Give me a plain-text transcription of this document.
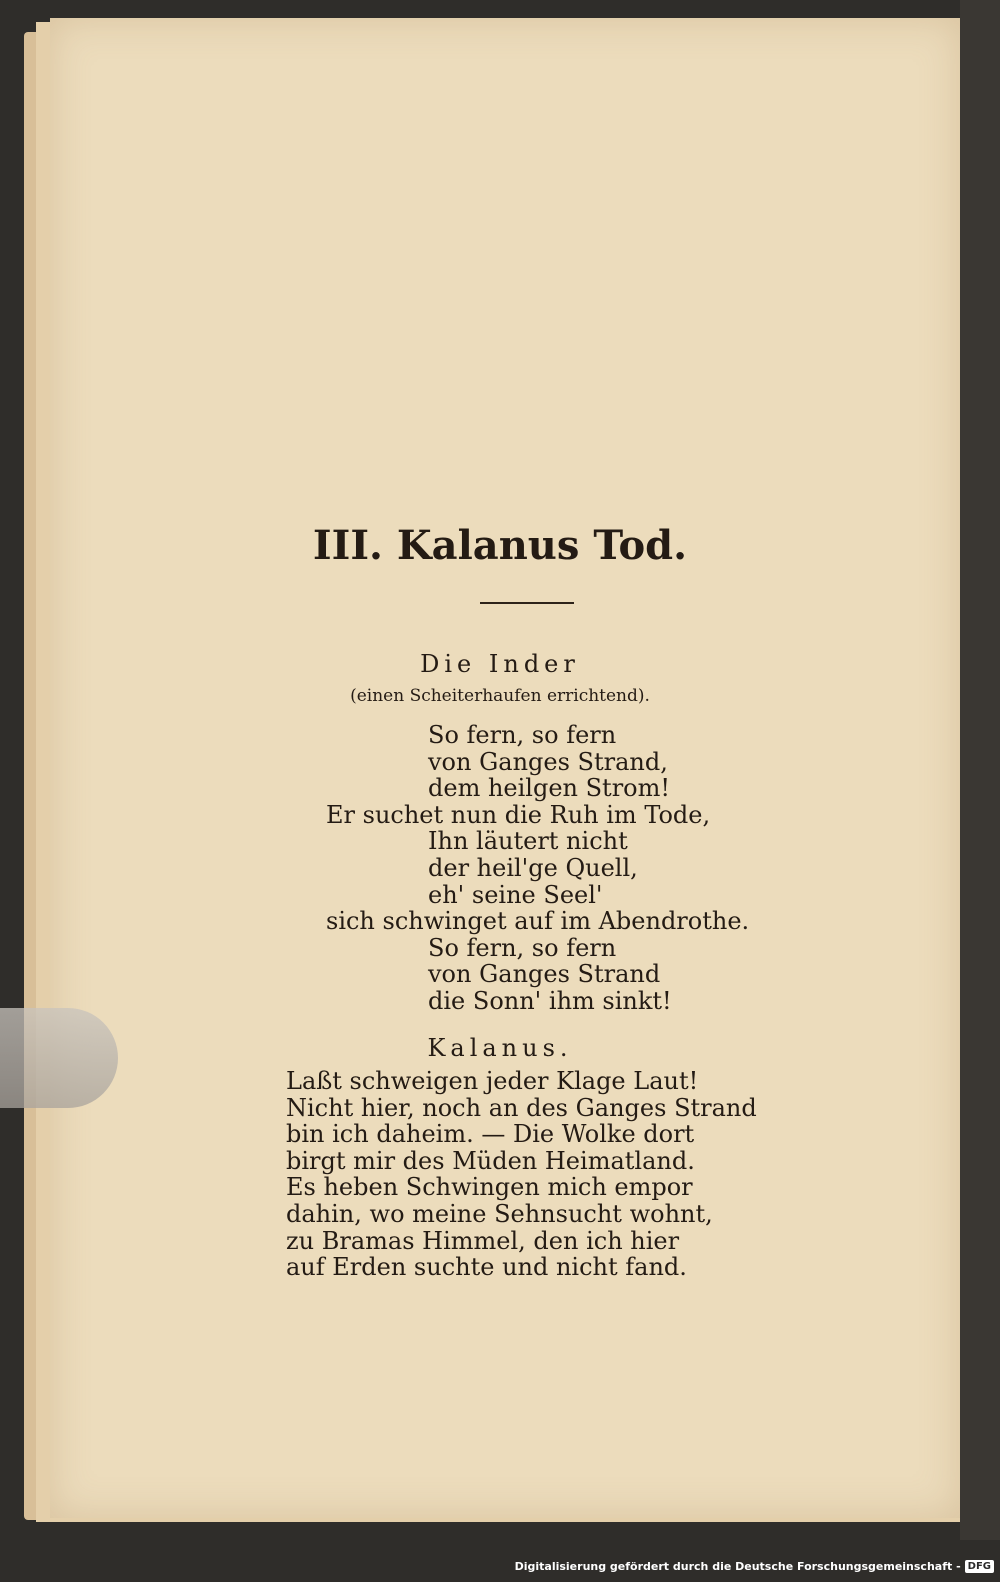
III. Kalanus Tod.
Die Inder
(einen Scheiterhaufen errichtend).
So fern, so fern
von Ganges Strand,
dem heilgen Strom!
Er suchet nun die Ruh im Tode,
Ihn läutert nicht
der heil'ge Quell,
eh' seine Seel'
sich schwinget auf im Abendrothe.
So fern, so fern
von Ganges Strand
die Sonn' ihm sinkt!
Kalanus.
Laßt schweigen jeder Klage Laut!
Nicht hier, noch an des Ganges Strand
bin ich daheim. — Die Wolke dort
birgt mir des Müden Heimatland.
Es heben Schwingen mich empor
dahin, wo meine Sehnsucht wohnt,
zu Bramas Himmel, den ich hier
auf Erden suchte und nicht fand.
Digitalisierung gefördert durch die Deutsche Forschungsgemeinschaft - DFG
